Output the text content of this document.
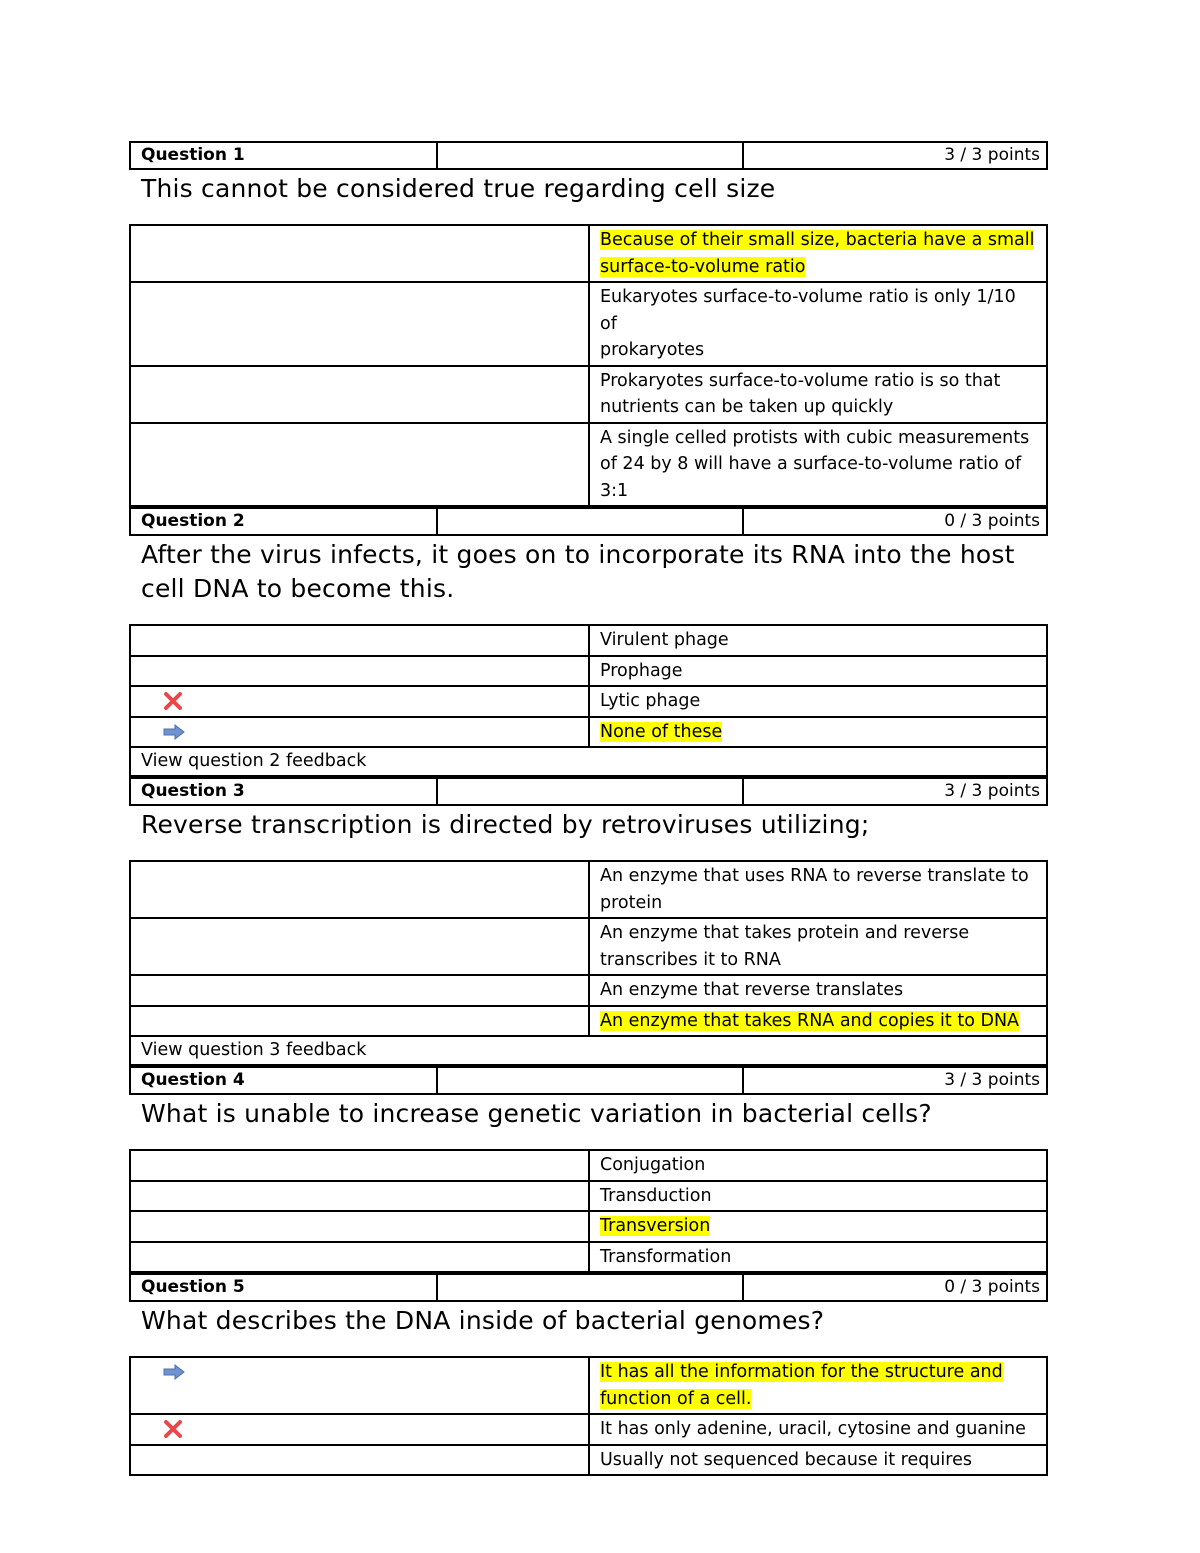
Question 1	3 / 3 points
This cannot be considered true regarding cell size
Because of their small size, bacteria have a small
surface-to-volume ratio
Eukaryotes surface-to-volume ratio is only 1/10 of
prokaryotes
Prokaryotes surface-to-volume ratio is so that
nutrients can be taken up quickly
A single celled protists with cubic measurements
of 24 by 8 will have a surface-to-volume ratio of
3:1
Question 2	0 / 3 points
After the virus infects, it goes on to incorporate its RNA into the host cell DNA to become this.
Virulent phage
Prophage
Lytic phage
None of these
View question 2 feedback
Question 3	3 / 3 points
Reverse transcription is directed by retroviruses utilizing;
An enzyme that uses RNA to reverse translate to
protein
An enzyme that takes protein and reverse
transcribes it to RNA
An enzyme that reverse translates
An enzyme that takes RNA and copies it to DNA
View question 3 feedback
Question 4	3 / 3 points
What is unable to increase genetic variation in bacterial cells?
Conjugation
Transduction
Transversion
Transformation
Question 5	0 / 3 points
What describes the DNA inside of bacterial genomes?
It has all the information for the structure and
function of a cell.
It has only adenine, uracil, cytosine and guanine
Usually not sequenced because it requires
